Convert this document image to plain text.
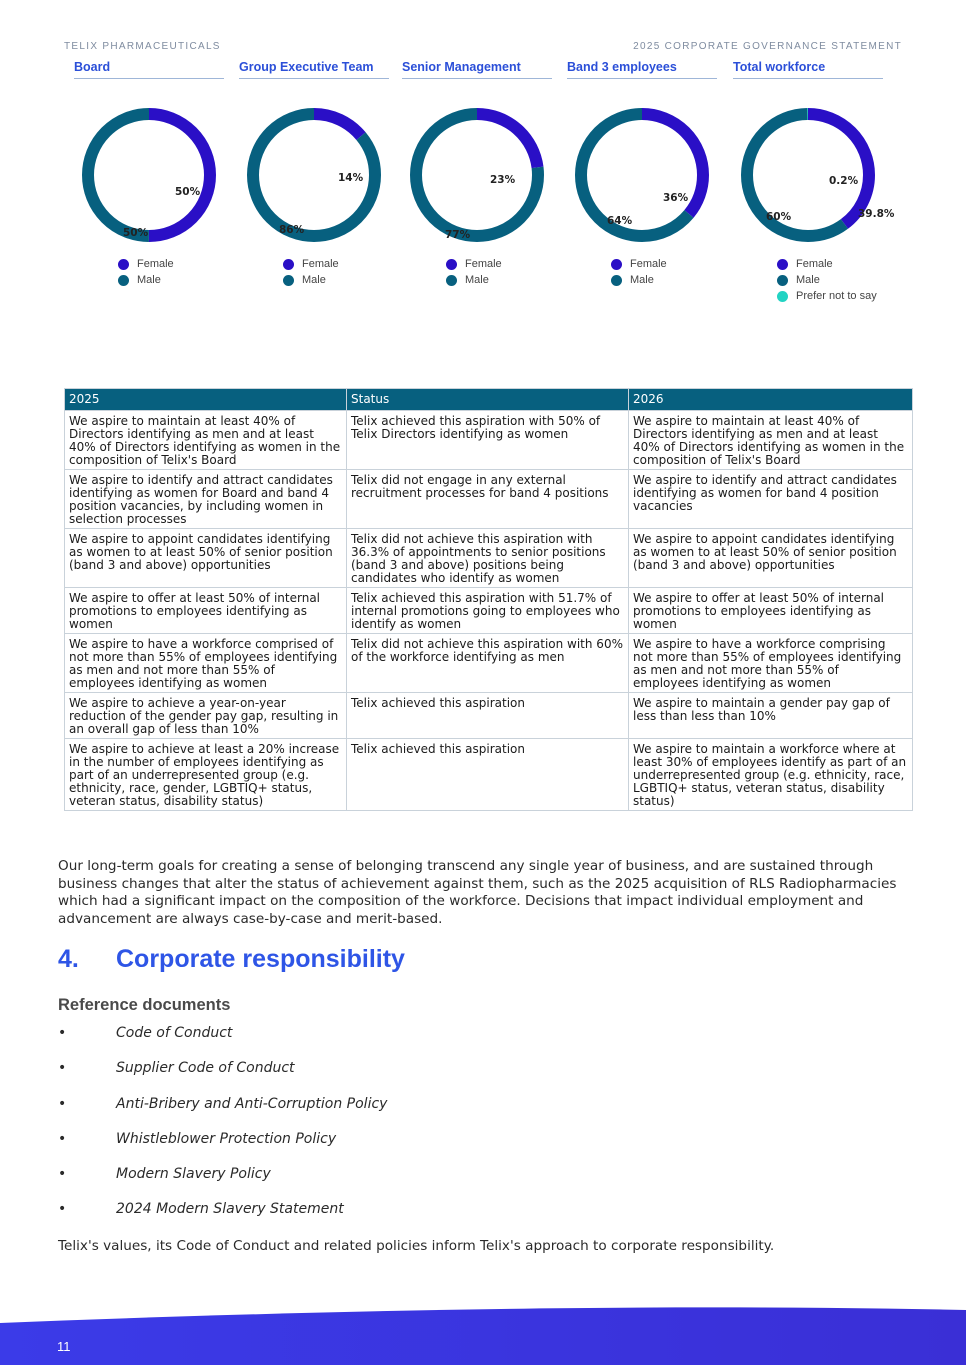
TELIX PHARMACEUTICALS	2025 CORPORATE GOVERNANCE STATEMENT
Board
50%
50%
Female
Male
Group Executive Team
14%
86%
Female
Male
Senior Management
23%
77%
Female
Male
Band 3 employees
36%
64%
Female
Male
Total workforce
39.8%
60%
0.2%
Female
Male
Prefer not to say
2025	Status	2026
We aspire to maintain at least 40% of Directors identifying as men and at least 40% of Directors identifying as women in the composition of Telix's Board	Telix achieved this aspiration with 50% of Telix Directors identifying as women	We aspire to maintain at least 40% of Directors identifying as men and at least 40% of Directors identifying as women in the composition of Telix's Board
We aspire to identify and attract candidates identifying as women for Board and band 4 position vacancies, by including women in selection processes	Telix did not engage in any external recruitment processes for band 4 positions	We aspire to identify and attract candidates identifying as women for band 4 position vacancies
We aspire to appoint candidates identifying as women to at least 50% of senior position (band 3 and above) opportunities	Telix did not achieve this aspiration with 36.3% of appointments to senior positions (band 3 and above) positions being candidates who identify as women	We aspire to appoint candidates identifying as women to at least 50% of senior position (band 3 and above) opportunities
We aspire to offer at least 50% of internal promotions to employees identifying as women	Telix achieved this aspiration with 51.7% of internal promotions going to employees who identify as women	We aspire to offer at least 50% of internal promotions to employees identifying as women
We aspire to have a workforce comprised of not more than 55% of employees identifying as men and not more than 55% of employees identifying as women	Telix did not achieve this aspiration with 60% of the workforce identifying as men	We aspire to have a workforce comprising not more than 55% of employees identifying as men and not more than 55% of employees identifying as women
We aspire to achieve a year-on-year reduction of the gender pay gap, resulting in an overall gap of less than 10%	Telix achieved this aspiration	We aspire to maintain a gender pay gap of less than less than 10%
We aspire to achieve at least a 20% increase in the number of employees identifying as part of an underrepresented group (e.g. ethnicity, race, gender, LGBTIQ+ status, veteran status, disability status)	Telix achieved this aspiration	We aspire to maintain a workforce where at least 30% of employees identify as part of an underrepresented group (e.g. ethnicity, race, LGBTIQ+ status, veteran status, disability status)

Our long-term goals for creating a sense of belonging transcend any single year of business, and are sustained through business changes that alter the status of achievement against them, such as the 2025 acquisition of RLS Radiopharmacies which had a significant impact on the composition of the workforce. Decisions that impact individual employment and advancement are always case-by-case and merit-based.

4.	Corporate responsibility
Reference documents
•	Code of Conduct
•	Supplier Code of Conduct
•	Anti-Bribery and Anti-Corruption Policy
•	Whistleblower Protection Policy
•	Modern Slavery Policy
•	2024 Modern Slavery Statement

Telix's values, its Code of Conduct and related policies inform Telix's approach to corporate responsibility.

11
